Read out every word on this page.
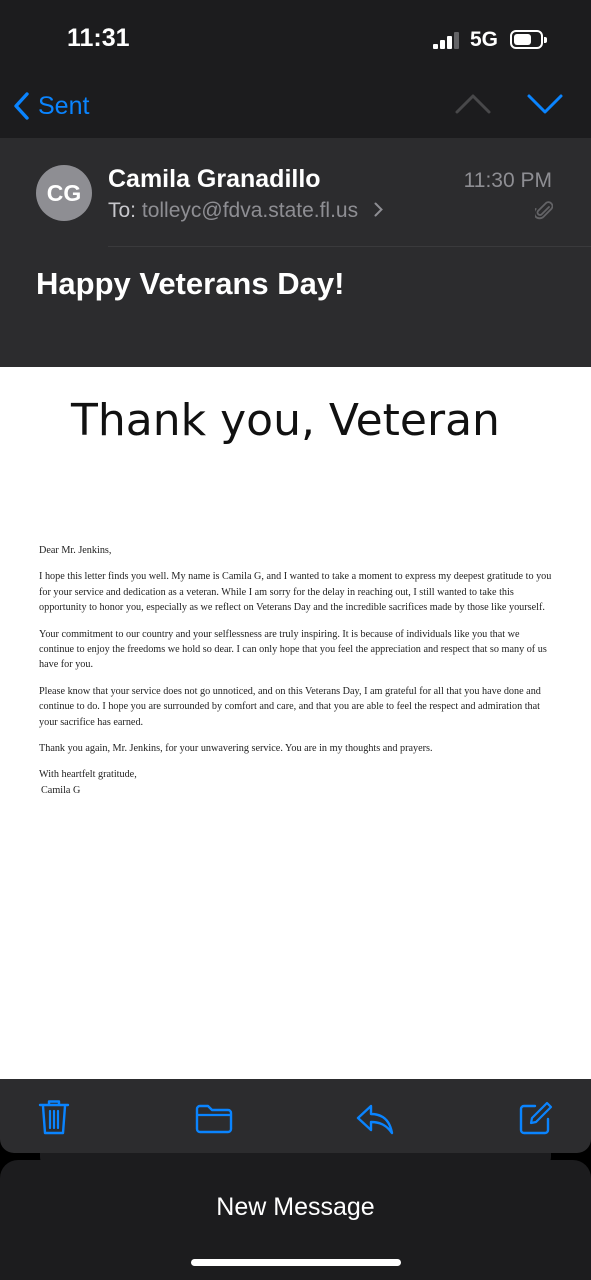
11:31	5G
Sent
CG	Camila Granadillo	11:30 PM
To: tolleyc@fdva.state.fl.us
Happy Veterans Day!
Thank you, Veteran

Dear Mr. Jenkins,

I hope this letter finds you well. My name is Camila G, and I wanted to take a moment to express my deepest gratitude to you for your service and dedication as a veteran. While I am sorry for the delay in reaching out, I still wanted to take this opportunity to honor you, especially as we reflect on Veterans Day and the incredible sacrifices made by those like yourself.

Your commitment to our country and your selflessness are truly inspiring. It is because of individuals like you that we continue to enjoy the freedoms we hold so dear. I can only hope that you feel the appreciation and respect that so many of us have for you.

Please know that your service does not go unnoticed, and on this Veterans Day, I am grateful for all that you have done and continue to do. I hope you are surrounded by comfort and care, and that you are able to feel the respect and admiration that your sacrifice has earned.

Thank you again, Mr. Jenkins, for your unwavering service. You are in my thoughts and prayers.

With heartfelt gratitude,

Camila G

New Message
